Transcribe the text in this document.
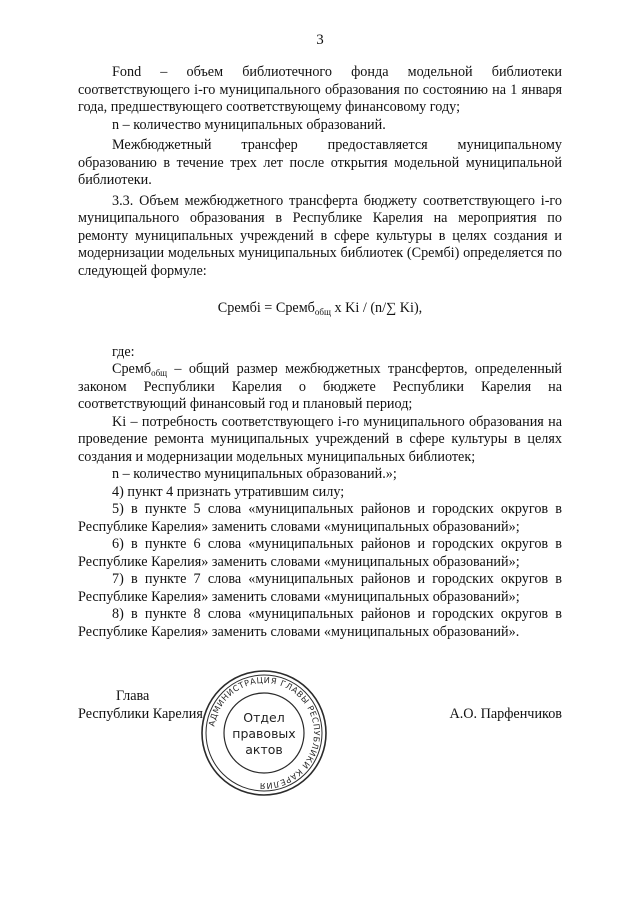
3

Fond – объем библиотечного фонда модельной библиотеки соответствующего i-го муниципального образования по состоянию на 1 января года, предшествующего соответствующему финансовому году;

n – количество муниципальных образований.

Межбюджетный трансфер предоставляется муниципальному образованию в течение трех лет после открытия модельной муниципальной библиотеки.

3.3. Объем межбюджетного трансферта бюджету соответствующего i-го муниципального образования в Республике Карелия на мероприятия по ремонту муниципальных учреждений в сфере культуры в целях создания и модернизации модельных муниципальных библиотек (Срембi) определяется по следующей формуле:

Срембi = Cремб$_{общ}$ х Ki / (n/∑ Ki),

где:

Cремб$_{общ}$ – общий размер межбюджетных трансфертов, определенный законом Республики Карелия о бюджете Республики Карелия на соответствующий финансовый год и плановый период;

Ki – потребность соответствующего i-го муниципального образования на проведение ремонта муниципальных учреждений в сфере культуры в целях создания и модернизации модельных муниципальных библиотек;

n – количество муниципальных образований.»;

4) пункт 4 признать утратившим силу;

5) в пункте 5 слова «муниципальных районов и городских округов в Республике Карелия» заменить словами «муниципальных образований»;

6) в пункте 6 слова «муниципальных районов и городских округов в Республике Карелия» заменить словами «муниципальных образований»;

7) в пункте 7 слова «муниципальных районов и городских округов в Республике Карелия» заменить словами «муниципальных образований»;

8) в пункте 8 слова «муниципальных районов и городских округов в Республике Карелия» заменить словами «муниципальных образований».

Глава
Республики Карелия	А.О. Парфенчиков
АДМИНИСТРАЦИЯ ГЛАВЫ РЕСПУБЛИКИ КАРЕЛИЯ
Отдел
правовых
актов
